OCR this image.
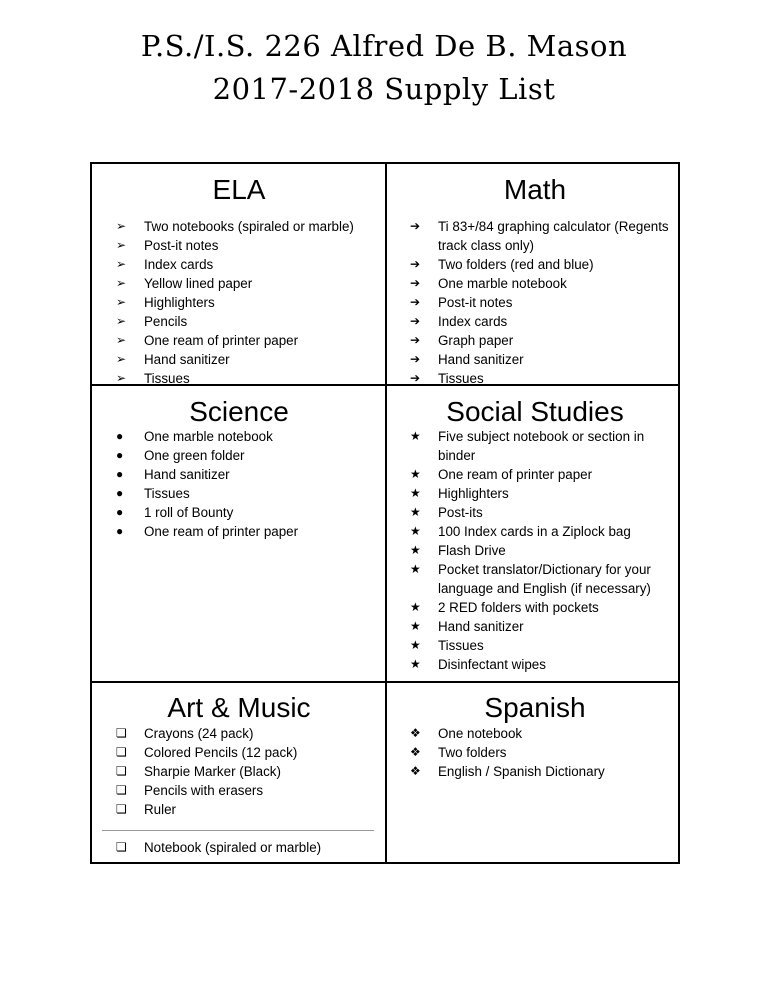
P.S./I.S. 226 Alfred De B. Mason
2017-2018 Supply List
ELA
➢	Two notebooks (spiraled or marble)
➢	Post-it notes
➢	Index cards
➢	Yellow lined paper
➢	Highlighters
➢	Pencils
➢	One ream of printer paper
➢	Hand sanitizer
➢	Tissues
Math
➔	Ti 83+/84 graphing calculator (Regents track class only)
➔	Two folders (red and blue)
➔	One marble notebook
➔	Post-it notes
➔	Index cards
➔	Graph paper
➔	Hand sanitizer
➔	Tissues
Science
●	One marble notebook
●	One green folder
●	Hand sanitizer
●	Tissues
●	1 roll of Bounty
●	One ream of printer paper
Social Studies
★	Five subject notebook or section in binder
★	One ream of printer paper
★	Highlighters
★	Post-its
★	100 Index cards in a Ziplock bag
★	Flash Drive
★	Pocket translator/Dictionary for your language and English (if necessary)
★	2 RED folders with pockets
★	Hand sanitizer
★	Tissues
★	Disinfectant wipes
Art & Music
❏	Crayons (24 pack)
❏	Colored Pencils (12 pack)
❏	Sharpie Marker (Black)
❏	Pencils with erasers
❏	Ruler
❏	Notebook (spiraled or marble)
Spanish
❖	One notebook
❖	Two folders
❖	English / Spanish Dictionary
